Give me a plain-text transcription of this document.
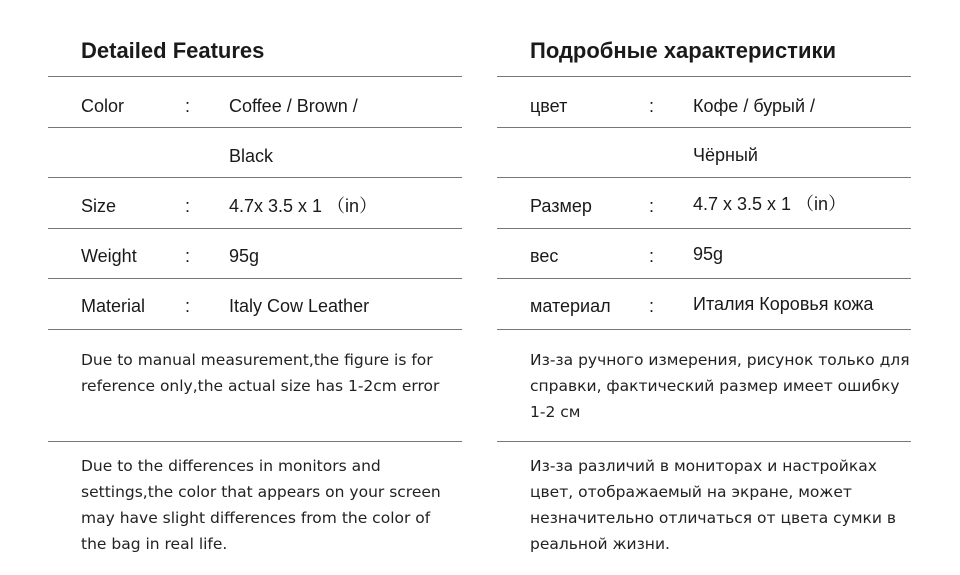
Detailed Features
Color	: Coffee / Brown /
Black
Size	: 4.7x 3.5 x 1 （in）
Weight	: 95g
Material : Italy Cow Leather
Due to manual measurement,the figure is for reference only,the actual size has 1-2cm error
Due to the differences in monitors and settings,the color that appears on your screen may have slight differences from the color of the bag in real life.
Подробные характеристики
цвет	: Кофе / бурый /
Чёрный
Размер	: 4.7 x 3.5 x 1 （in）
вес	: 95g
материал : Италия Коровья кожа
Из-за ручного измерения, рисунок только для справки, фактический размер имеет ошибку 1-2 см
Из-за различий в мониторах и настройках цвет, отображаемый на экране, может незначительно отличаться от цвета сумки в реальной жизни.
